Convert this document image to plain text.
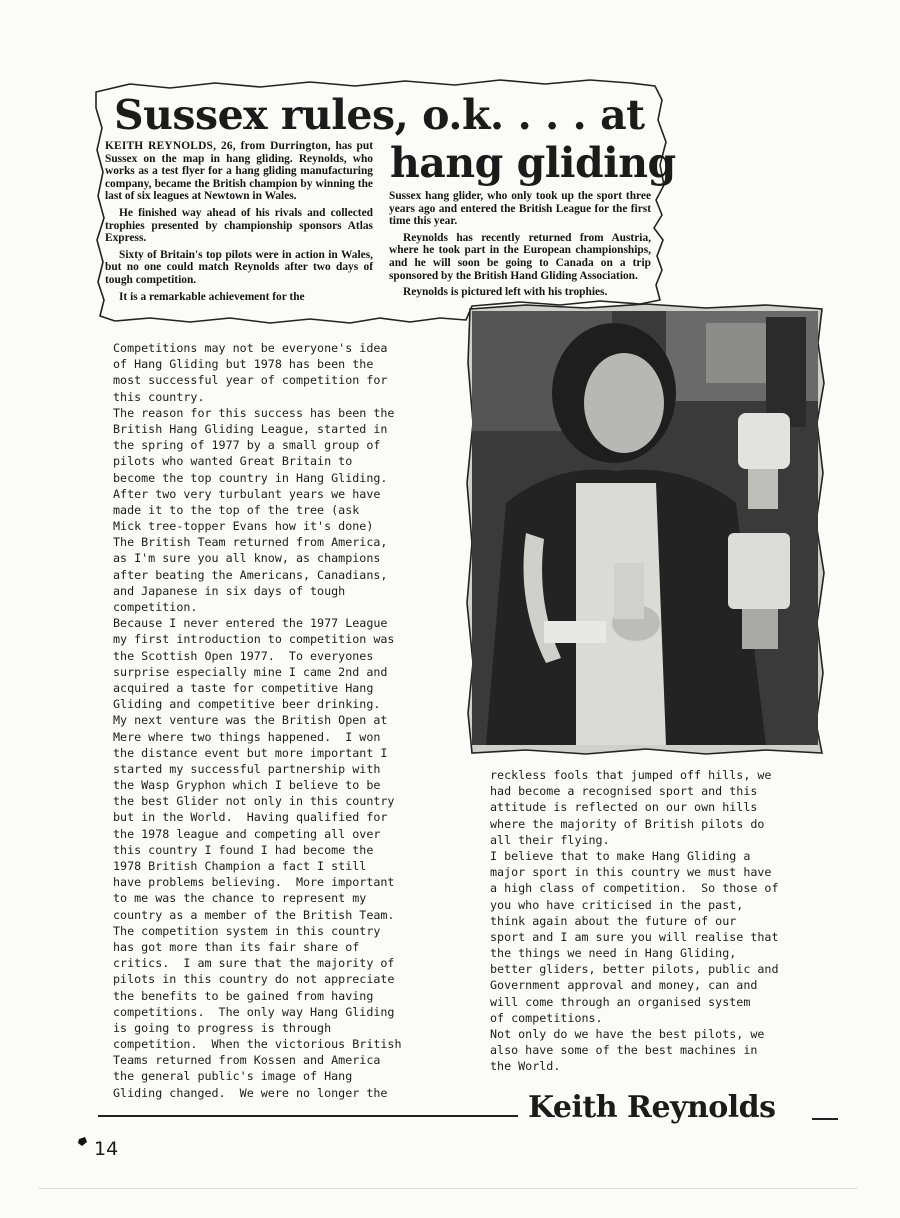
Sussex rules, o.k. . . . at
hang gliding

KEITH REYNOLDS, 26, from Durrington, has put Sussex on the map in hang gliding. Reynolds, who works as a test flyer for a hang gliding manufacturing company, became the British champion by winning the last of six leagues at Newtown in Wales.

He finished way ahead of his rivals and collected trophies presented by championship sponsors Atlas Express.

Sixty of Britain's top pilots were in action in Wales, but no one could match Reynolds after two days of tough competition.

It is a remarkable achievement for the

Sussex hang glider, who only took up the sport three years ago and entered the British League for the first time this year.

Reynolds has recently returned from Austria, where he took part in the European championships, and he will soon be going to Canada on a trip sponsored by the British Hand Gliding Association.

Reynolds is pictured left with his trophies.

Competitions may not be everyone's idea
of Hang Gliding but 1978 has been the
most successful year of competition for
this country.
The reason for this success has been the
British Hang Gliding League, started in
the spring of 1977 by a small group of
pilots who wanted Great Britain to
become the top country in Hang Gliding.
After two very turbulant years we have
made it to the top of the tree (ask
Mick tree-topper Evans how it's done)
The British Team returned from America,
as I'm sure you all know, as champions
after beating the Americans, Canadians,
and Japanese in six days of tough
competition.
Because I never entered the 1977 League
my first introduction to competition was
the Scottish Open 1977.  To everyones
surprise especially mine I came 2nd and
acquired a taste for competitive Hang
Gliding and competitive beer drinking.
My next venture was the British Open at
Mere where two things happened.  I won
the distance event but more important I
started my successful partnership with
the Wasp Gryphon which I believe to be
the best Glider not only in this country
but in the World.  Having qualified for
the 1978 league and competing all over
this country I found I had become the
1978 British Champion a fact I still
have problems believing.  More important
to me was the chance to represent my
country as a member of the British Team.
The competition system in this country
has got more than its fair share of
critics.  I am sure that the majority of
pilots in this country do not appreciate
the benefits to be gained from having
competitions.  The only way Hang Gliding
is going to progress is through
competition.  When the victorious British
Teams returned from Kossen and America
the general public's image of Hang
Gliding changed.  We were no longer the
reckless fools that jumped off hills, we
had become a recognised sport and this
attitude is reflected on our own hills
where the majority of British pilots do
all their flying.
I believe that to make Hang Gliding a
major sport in this country we must have
a high class of competition.  So those of
you who have criticised in the past,
think again about the future of our
sport and I am sure you will realise that
the things we need in Hang Gliding,
better gliders, better pilots, public and
Government approval and money, can and
will come through an organised system
of competitions.
Not only do we have the best pilots, we
also have some of the best machines in
the World.
Keith Reynolds
14
